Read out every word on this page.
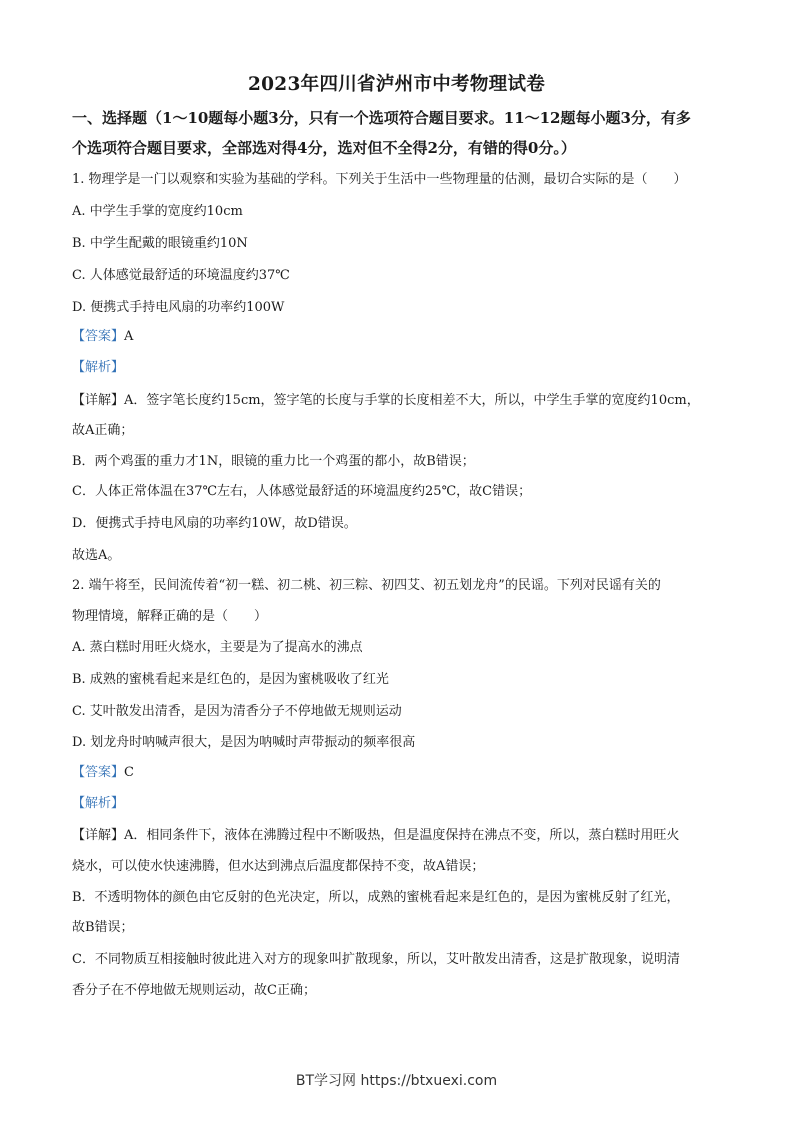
2023年四川省泸州市中考物理试卷
一、选择题（1～10题每小题3分，只有一个选项符合题目要求。11～12题每小题3分，有多
个选项符合题目要求，全部选对得4分，选对但不全得2分，有错的得0分。）
1. 物理学是一门以观察和实验为基础的学科。下列关于生活中一些物理量的估测，最切合实际的是（　　）
A. 中学生手掌的宽度约10cm
B. 中学生配戴的眼镜重约10N
C. 人体感觉最舒适的环境温度约37℃
D. 便携式手持电风扇的功率约100W
【答案】A
【解析】
【详解】A．签字笔长度约15cm，签字笔的长度与手掌的长度相差不大，所以，中学生手掌的宽度约10cm，
故A正确；
B．两个鸡蛋的重力才1N，眼镜的重力比一个鸡蛋的都小，故B错误；
C．人体正常体温在37℃左右，人体感觉最舒适的环境温度约25℃，故C错误；
D．便携式手持电风扇的功率约10W，故D错误。
故选A。
2. 端午将至，民间流传着“初一糕、初二桃、初三粽、初四艾、初五划龙舟”的民谣。下列对民谣有关的
物理情境，解释正确的是（　　）
A. 蒸白糕时用旺火烧水，主要是为了提高水的沸点
B. 成熟的蜜桃看起来是红色的，是因为蜜桃吸收了红光
C. 艾叶散发出清香，是因为清香分子不停地做无规则运动
D. 划龙舟时呐喊声很大，是因为呐喊时声带振动的频率很高
【答案】C
【解析】
【详解】A．相同条件下，液体在沸腾过程中不断吸热，但是温度保持在沸点不变，所以，蒸白糕时用旺火
烧水，可以使水快速沸腾，但水达到沸点后温度都保持不变，故A错误；
B．不透明物体的颜色由它反射的色光决定，所以，成熟的蜜桃看起来是红色的，是因为蜜桃反射了红光，
故B错误；
C．不同物质互相接触时彼此进入对方的现象叫扩散现象，所以，艾叶散发出清香，这是扩散现象，说明清
香分子在不停地做无规则运动，故C正确；
BT学习网 https://btxuexi.com
